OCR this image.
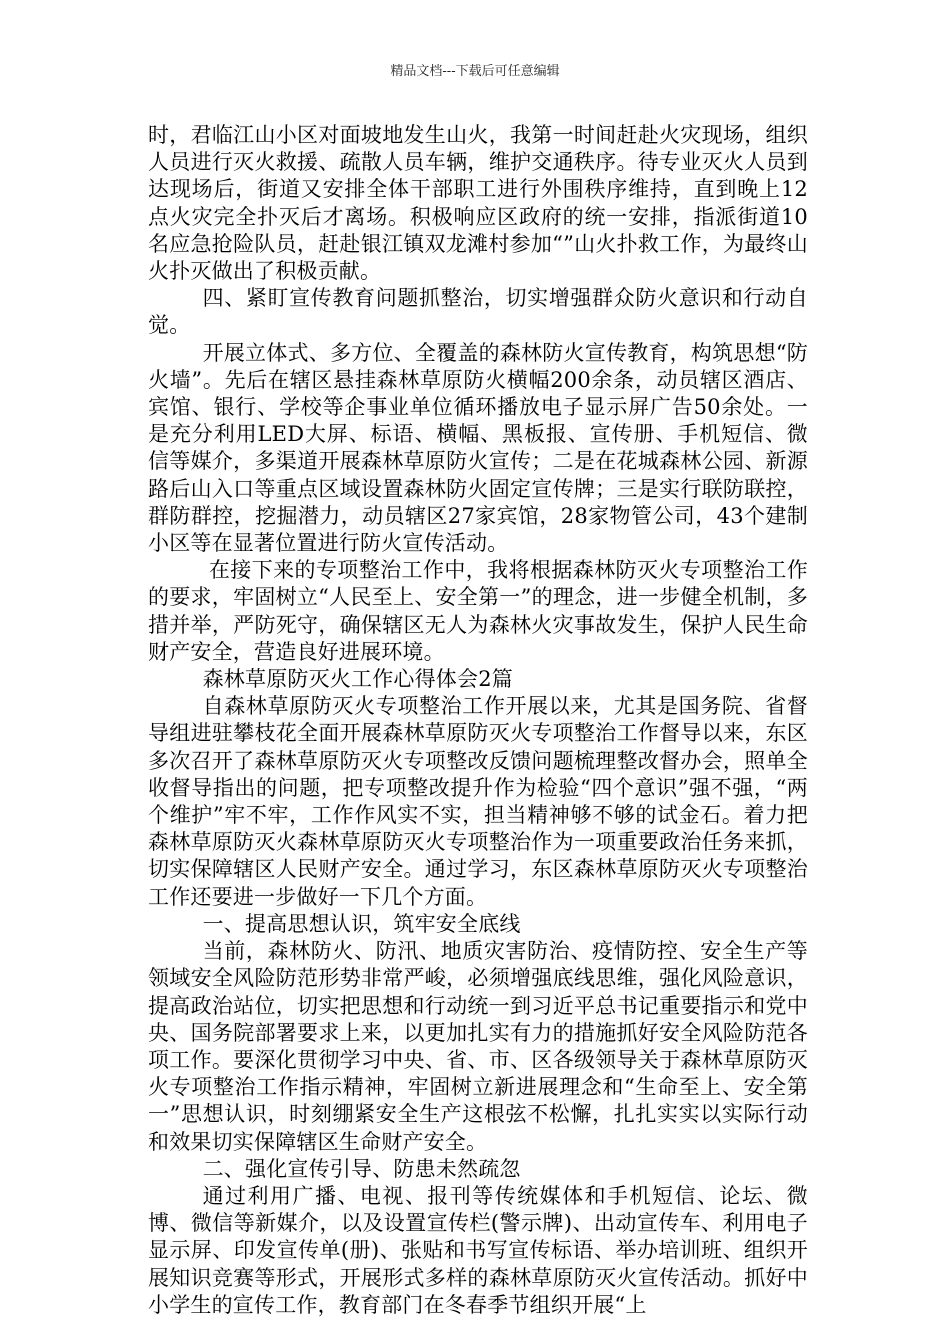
精品文档---下载后可任意编辑

时，君临江山小区对面坡地发生山火，我第一时间赶赴火灾现场，组织人员进行灭火救援、疏散人员车辆，维护交通秩序。待专业灭火人员到达现场后，街道又安排全体干部职工进行外围秩序维持，直到晚上12点火灾完全扑灭后才离场。积极响应区政府的统一安排，指派街道10名应急抢险队员，赶赴银江镇双龙滩村参加“”山火扑救工作，为最终山火扑灭做出了积极贡献。

四、紧盯宣传教育问题抓整治，切实增强群众防火意识和行动自觉。

开展立体式、多方位、全覆盖的森林防火宣传教育，构筑思想“防火墙”。先后在辖区悬挂森林草原防火横幅200余条，动员辖区酒店、宾馆、银行、学校等企事业单位循环播放电子显示屏广告50余处。一是充分利用LED大屏、标语、横幅、黑板报、宣传册、手机短信、微信等媒介，多渠道开展森林草原防火宣传；二是在花城森林公园、新源路后山入口等重点区域设置森林防火固定宣传牌；三是实行联防联控，群防群控，挖掘潜力，动员辖区27家宾馆，28家物管公司，43个建制小区等在显著位置进行防火宣传活动。

在接下来的专项整治工作中，我将根据森林防灭火专项整治工作的要求，牢固树立“人民至上、安全第一”的理念，进一步健全机制，多措并举，严防死守，确保辖区无人为森林火灾事故发生，保护人民生命财产安全，营造良好进展环境。

森林草原防灭火工作心得体会2篇

自森林草原防灭火专项整治工作开展以来，尤其是国务院、省督导组进驻攀枝花全面开展森林草原防灭火专项整治工作督导以来，东区多次召开了森林草原防灭火专项整改反馈问题梳理整改督办会，照单全收督导指出的问题，把专项整改提升作为检验“四个意识”强不强，“两个维护”牢不牢，工作作风实不实，担当精神够不够的试金石。着力把森林草原防灭火森林草原防灭火专项整治作为一项重要政治任务来抓，切实保障辖区人民财产安全。通过学习，东区森林草原防灭火专项整治工作还要进一步做好一下几个方面。

一、提高思想认识，筑牢安全底线

当前，森林防火、防汛、地质灾害防治、疫情防控、安全生产等领域安全风险防范形势非常严峻，必须增强底线思维，强化风险意识，提高政治站位，切实把思想和行动统一到习近平总书记重要指示和党中央、国务院部署要求上来，以更加扎实有力的措施抓好安全风险防范各项工作。要深化贯彻学习中央、省、市、区各级领导关于森林草原防灭火专项整治工作指示精神，牢固树立新进展理念和“生命至上、安全第一”思想认识，时刻绷紧安全生产这根弦不松懈，扎扎实实以实际行动和效果切实保障辖区生命财产安全。

二、强化宣传引导、防患未然疏忽

通过利用广播、电视、报刊等传统媒体和手机短信、论坛、微博、微信等新媒介，以及设置宣传栏(警示牌)、出动宣传车、利用电子显示屏、印发宣传单(册)、张贴和书写宣传标语、举办培训班、组织开展知识竞赛等形式，开展形式多样的森林草原防灭火宣传活动。抓好中小学生的宣传工作，教育部门在冬春季节组织开展“上
